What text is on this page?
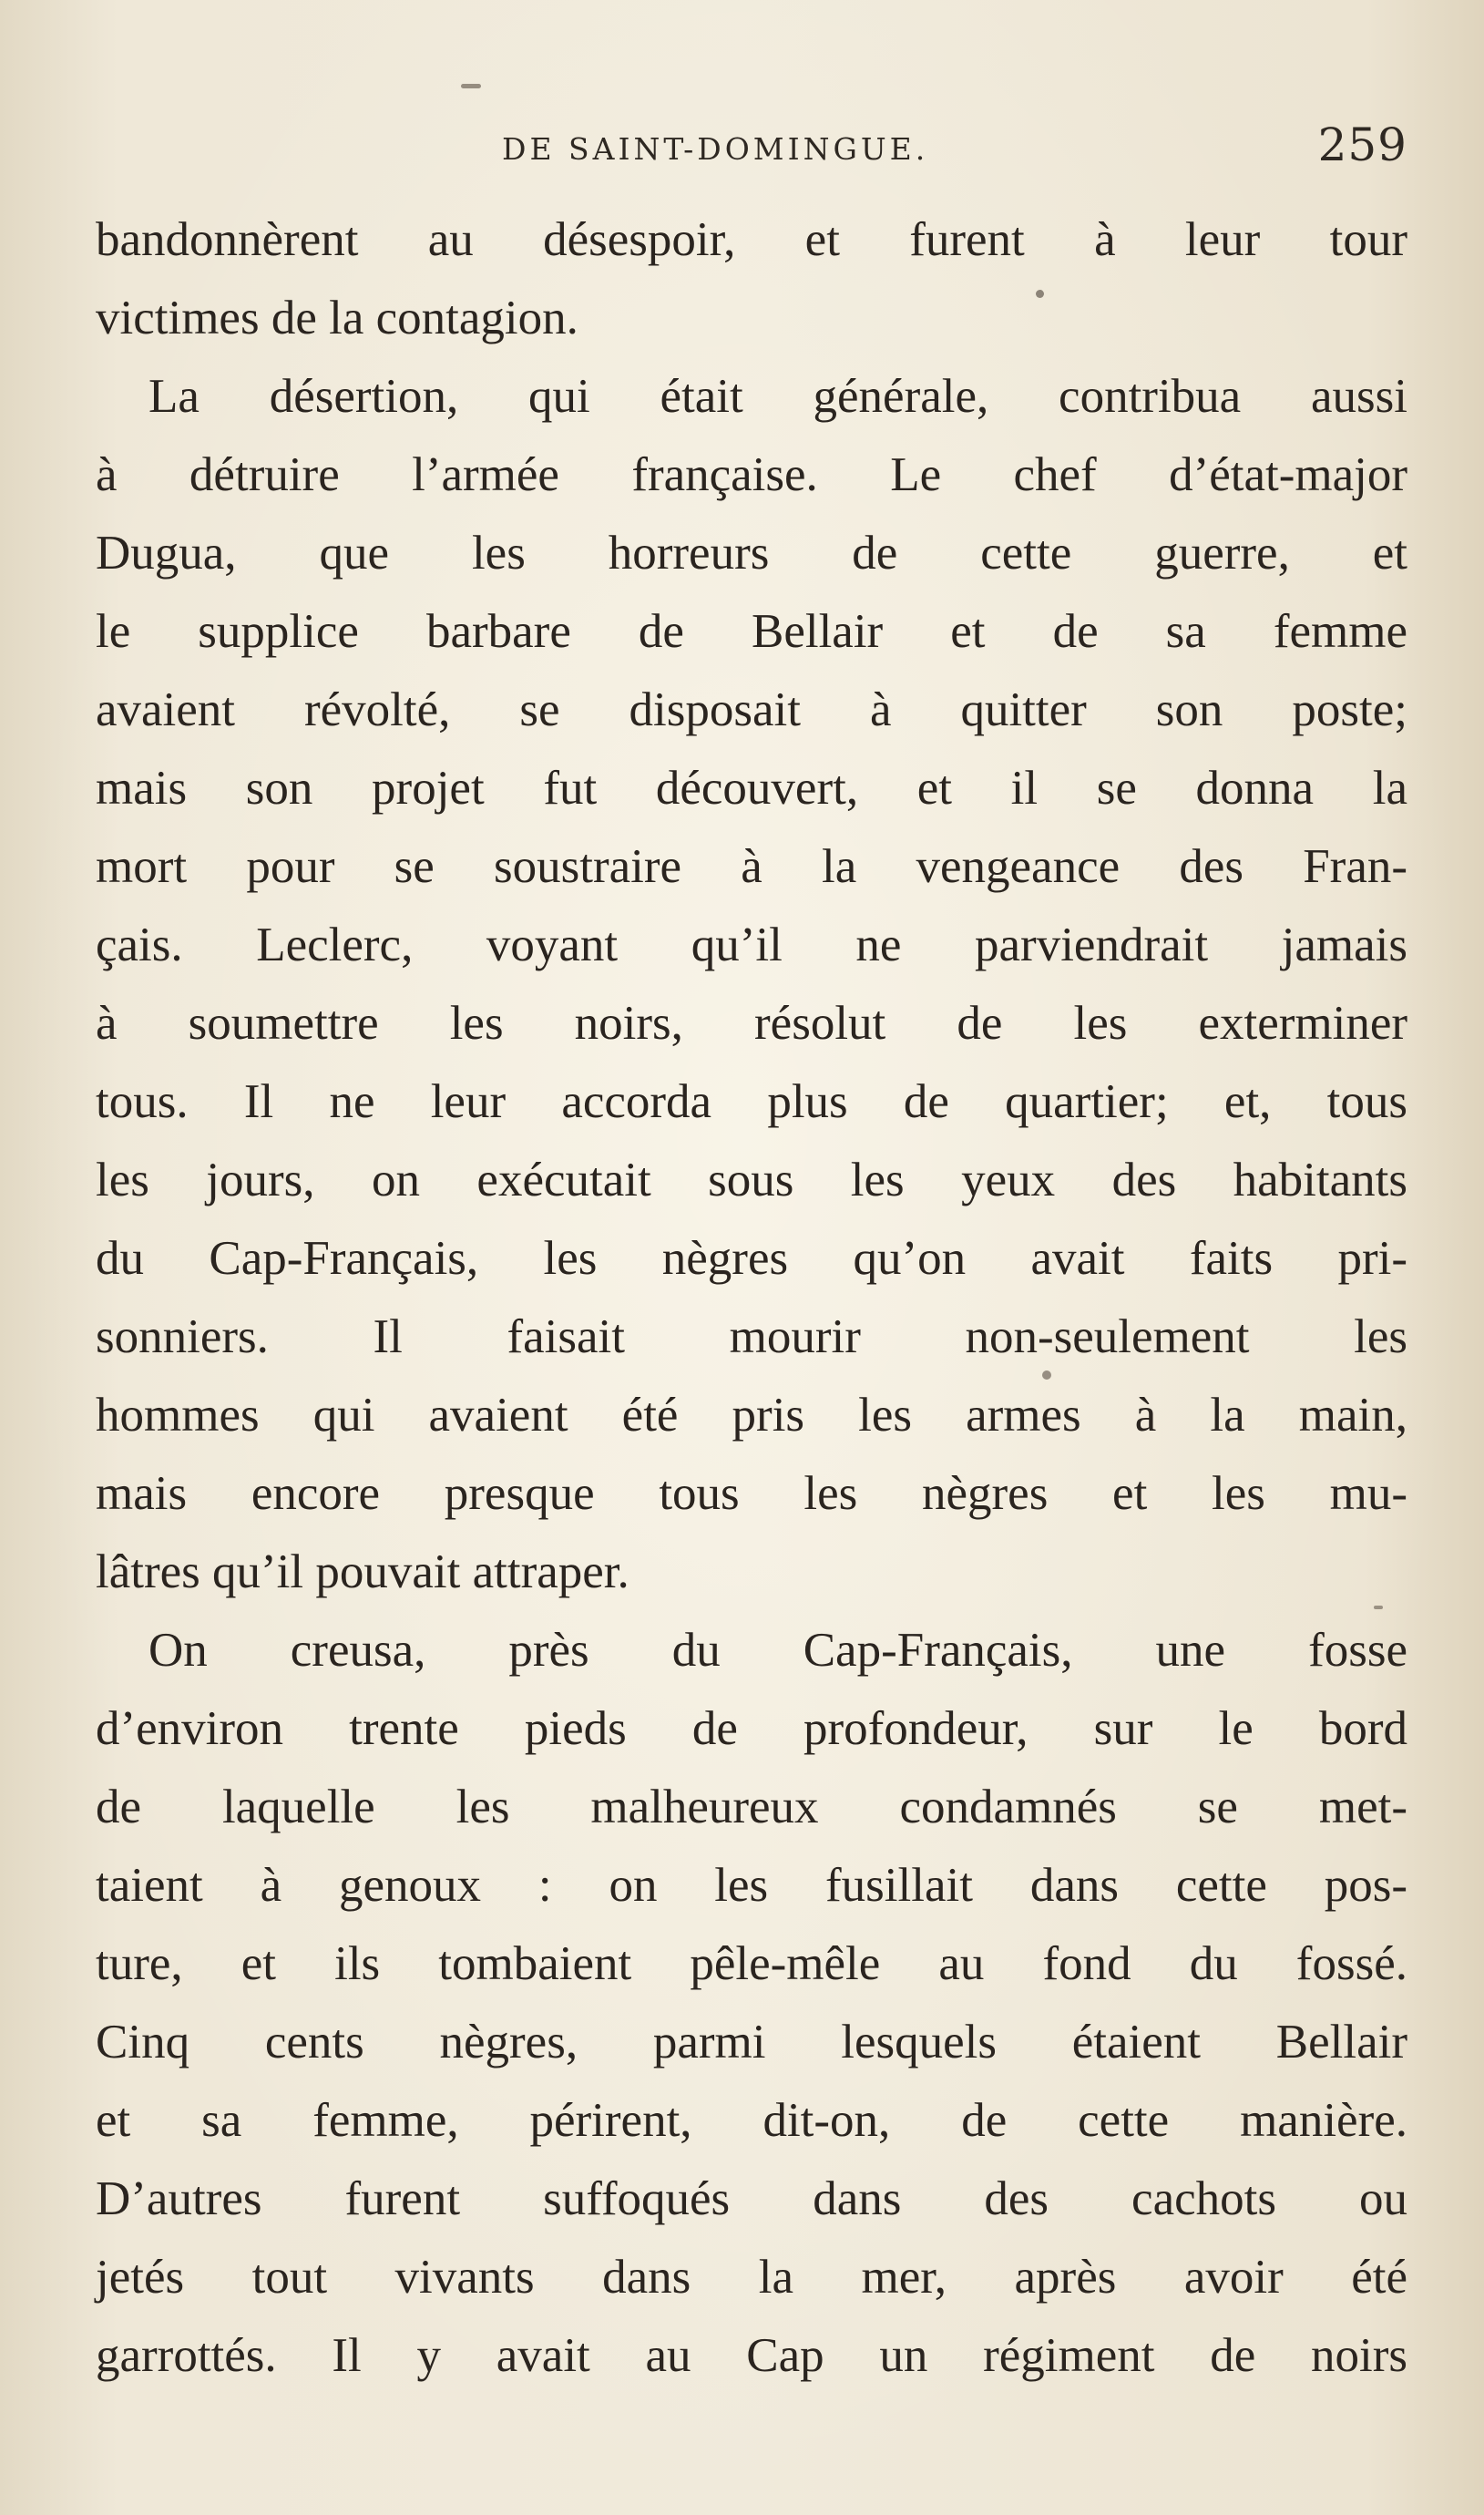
DE SAINT-DOMINGUE.	259
bandonnèrent au désespoir, et furent à leur tour
victimes de la contagion.
La désertion, qui était générale, contribua aussi
à détruire l’armée française. Le chef d’état-major
Dugua, que les horreurs de cette guerre, et
le supplice barbare de Bellair et de sa femme
avaient révolté, se disposait à quitter son poste;
mais son projet fut découvert, et il se donna la
mort pour se soustraire à la vengeance des Fran-
çais. Leclerc, voyant qu’il ne parviendrait jamais
à soumettre les noirs, résolut de les exterminer
tous. Il ne leur accorda plus de quartier; et, tous
les jours, on exécutait sous les yeux des habitants
du Cap-Français, les nègres qu’on avait faits pri-
sonniers. Il faisait mourir non-seulement les
hommes qui avaient été pris les armes à la main,
mais encore presque tous les nègres et les mu-
lâtres qu’il pouvait attraper.
On creusa, près du Cap-Français, une fosse
d’environ trente pieds de profondeur, sur le bord
de laquelle les malheureux condamnés se met-
taient à genoux : on les fusillait dans cette pos-
ture, et ils tombaient pêle-mêle au fond du fossé.
Cinq cents nègres, parmi lesquels étaient Bellair
et sa femme, périrent, dit-on, de cette manière.
D’autres furent suffoqués dans des cachots ou
jetés tout vivants dans la mer, après avoir été
garrottés. Il y avait au Cap un régiment de noirs
